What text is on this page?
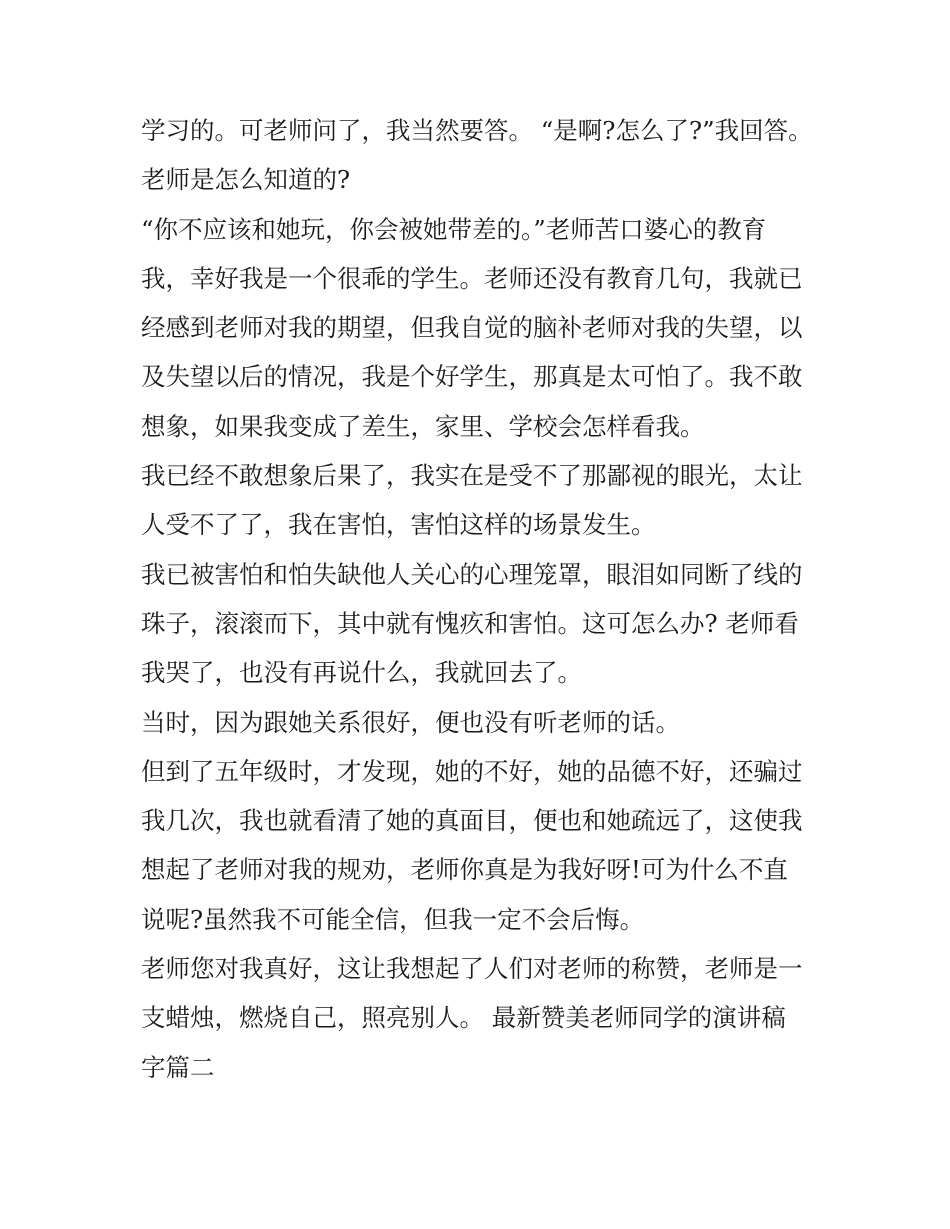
学习的。可老师问了，我当然要答。 “是啊?怎么了?”我回答。
老师是怎么知道的?
“你不应该和她玩，你会被她带差的。”老师苦口婆心的教育
我，幸好我是一个很乖的学生。老师还没有教育几句，我就已
经感到老师对我的期望，但我自觉的脑补老师对我的失望，以
及失望以后的情况，我是个好学生，那真是太可怕了。我不敢
想象，如果我变成了差生，家里、学校会怎样看我。
我已经不敢想象后果了，我实在是受不了那鄙视的眼光，太让
人受不了了，我在害怕，害怕这样的场景发生。
我已被害怕和怕失缺他人关心的心理笼罩，眼泪如同断了线的
珠子，滚滚而下，其中就有愧疚和害怕。这可怎么办? 老师看
我哭了，也没有再说什么，我就回去了。
当时，因为跟她关系很好，便也没有听老师的话。
但到了五年级时，才发现，她的不好，她的品德不好，还骗过
我几次，我也就看清了她的真面目，便也和她疏远了，这使我
想起了老师对我的规劝，老师你真是为我好呀!可为什么不直
说呢?虽然我不可能全信，但我一定不会后悔。
老师您对我真好，这让我想起了人们对老师的称赞，老师是一
支蜡烛，燃烧自己，照亮别人。 最新赞美老师同学的演讲稿
字篇二
